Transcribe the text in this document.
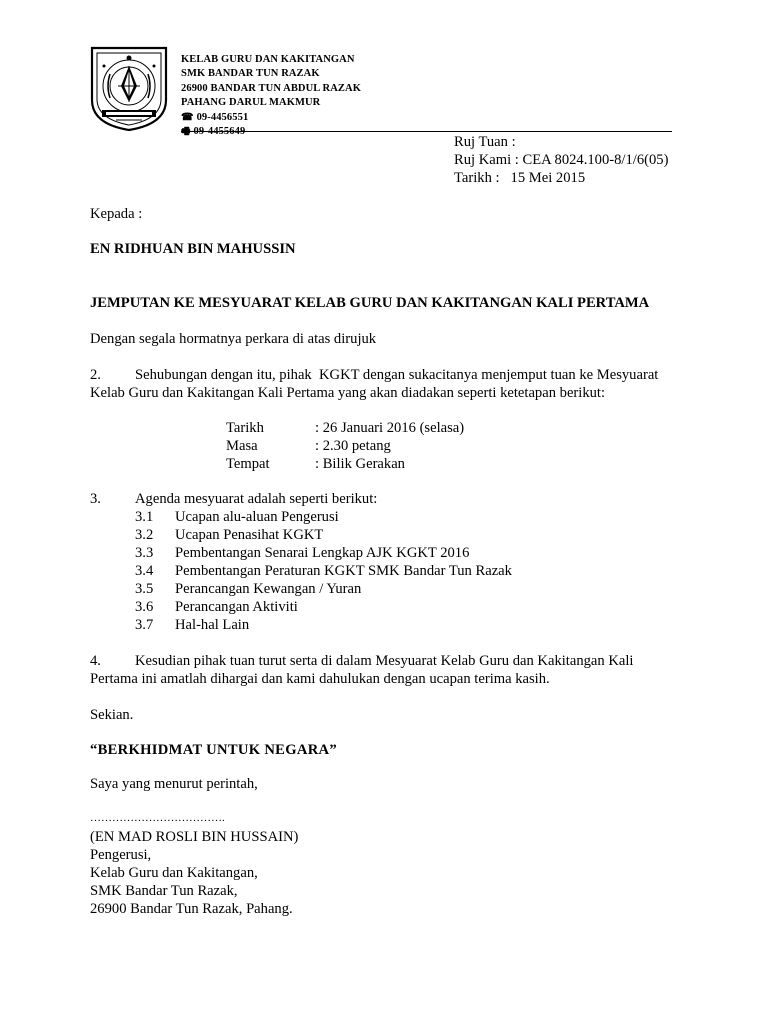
KELAB GURU DAN KAKITANGAN
SMK BANDAR TUN RAZAK
26900 BANDAR TUN ABDUL RAZAK
PAHANG DARUL MAKMUR
☎ 09-4456551
🖷 09-4455649
Ruj Tuan :
Ruj Kami : CEA 8024.100-8/1/6(05)
Tarikh :   15 Mei 2015
Kepada :
EN RIDHUAN BIN MAHUSSIN
JEMPUTAN KE MESYUARAT KELAB GURU DAN KAKITANGAN KALI PERTAMA
Dengan segala hormatnya perkara di atas dirujuk
2. Sehubungan dengan itu, pihak  KGKT dengan sukacitanya menjemput tuan ke Mesyuarat
Kelab Guru dan Kakitangan Kali Pertama yang akan diadakan seperti ketetapan berikut:
Tarikh	: 26 Januari 2016 (selasa)
Masa	: 2.30 petang
Tempat	: Bilik Gerakan
3. Agenda mesyuarat adalah seperti berikut:
3.1 Ucapan alu-aluan Pengerusi
3.2 Ucapan Penasihat KGKT
3.3 Pembentangan Senarai Lengkap AJK KGKT 2016
3.4 Pembentangan Peraturan KGKT SMK Bandar Tun Razak
3.5 Perancangan Kewangan / Yuran
3.6 Perancangan Aktiviti
3.7 Hal-hal Lain
4. Kesudian pihak tuan turut serta di dalam Mesyuarat Kelab Guru dan Kakitangan Kali
Pertama ini amatlah dihargai dan kami dahulukan dengan ucapan terima kasih.
Sekian.
“BERKHIDMAT UNTUK NEGARA”
Saya yang menurut perintah,
……………………………….
(EN MAD ROSLI BIN HUSSAIN)
Pengerusi,
Kelab Guru dan Kakitangan,
SMK Bandar Tun Razak,
26900 Bandar Tun Razak, Pahang.
